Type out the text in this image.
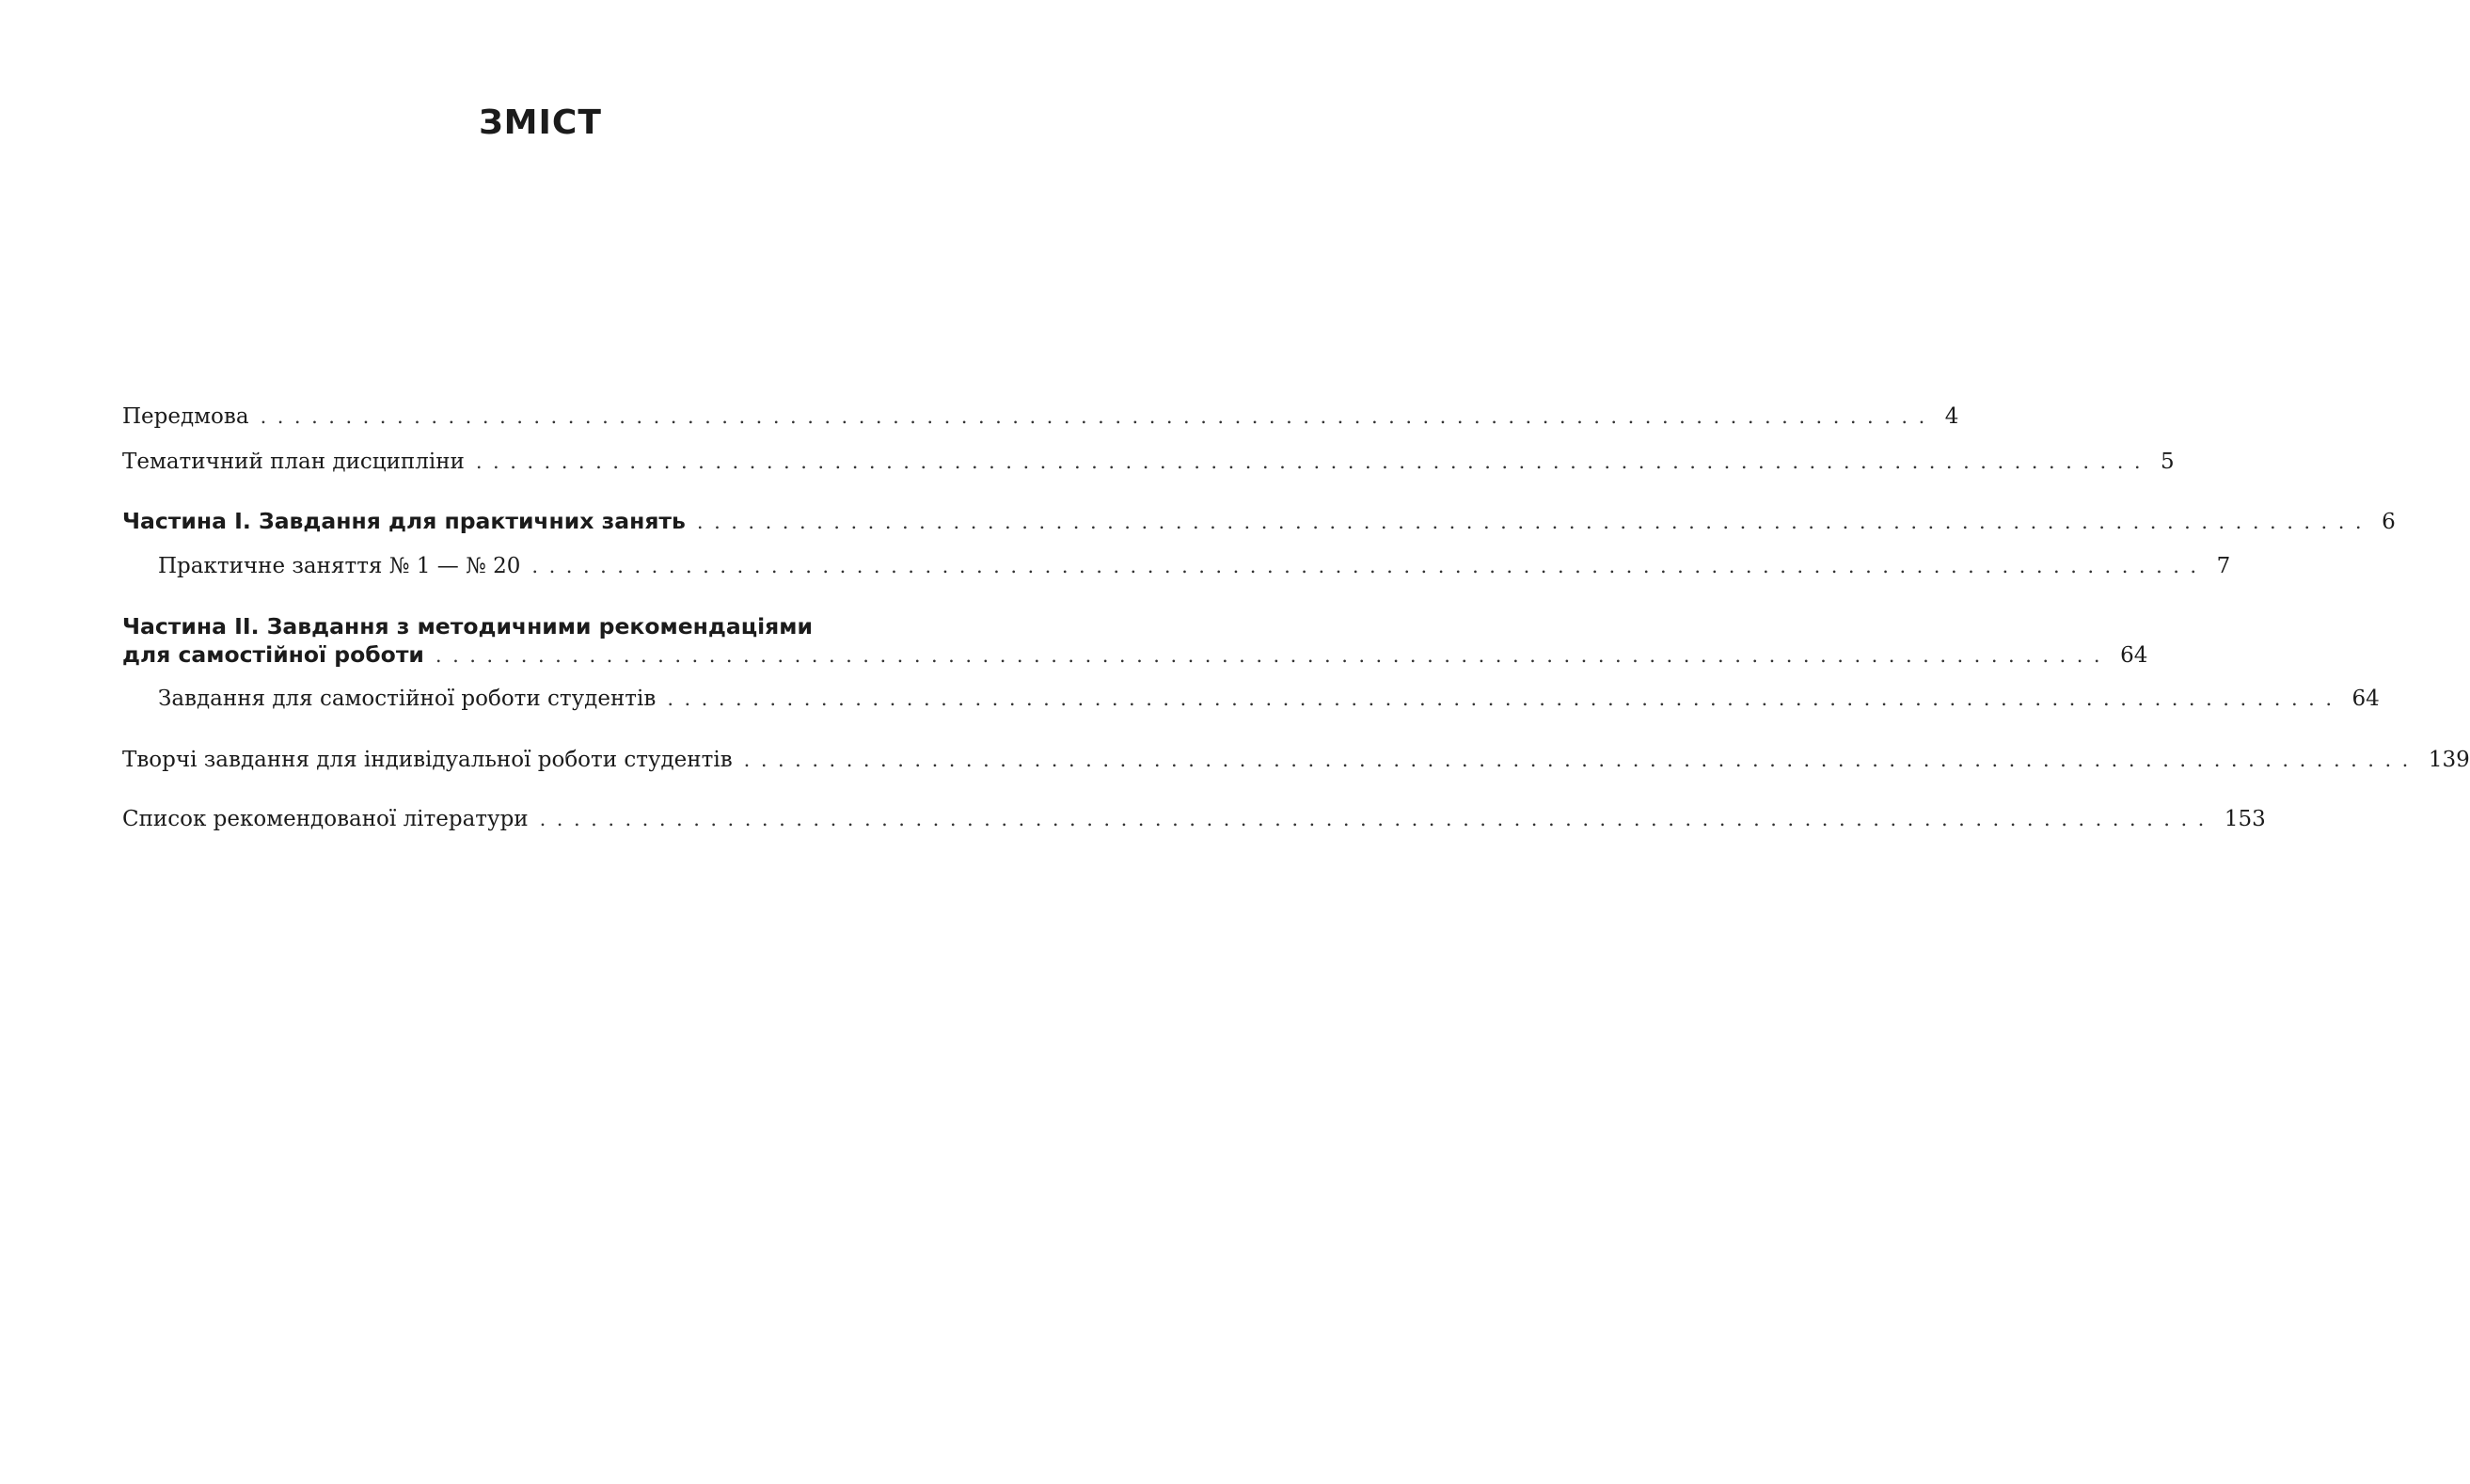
ЗМІСТ
Передмова .................................................................................................. 4
Тематичний план дисципліни .................................................................................................. 5
Частина І. Завдання для практичних занять .................................................................................................. 6
Практичне заняття № 1 — № 20 .................................................................................................. 7
Частина ІІ. Завдання з методичними рекомендаціями
для самостійної роботи .................................................................................................. 64
Завдання для самостійної роботи студентів .................................................................................................. 64
Творчі завдання для індивідуальної роботи студентів .................................................................................................. 139
Список рекомендованої літератури .................................................................................................. 153
